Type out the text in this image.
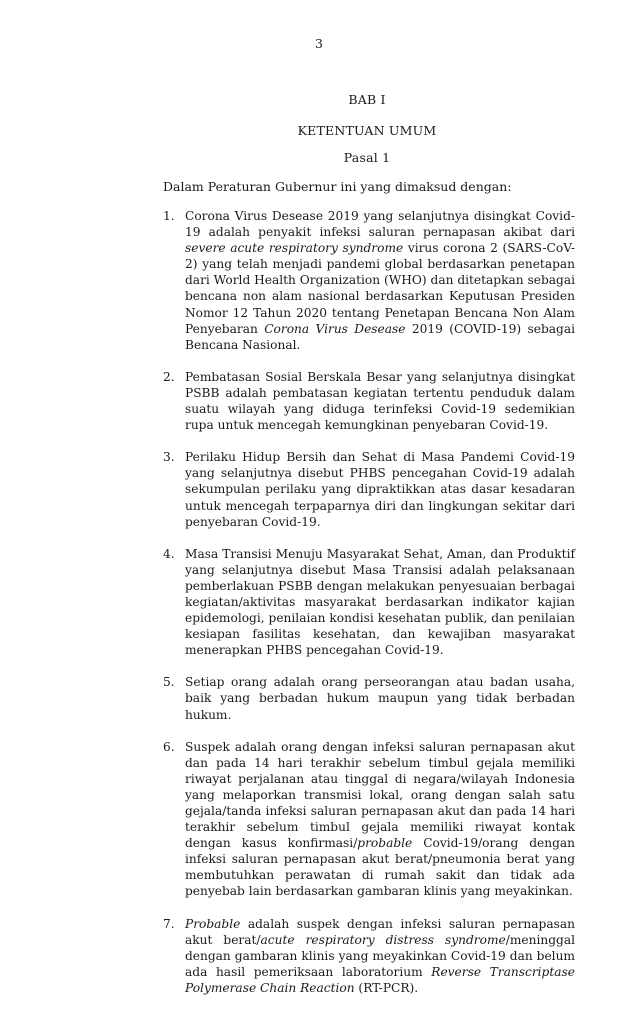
3
BAB I
KETENTUAN UMUM
Pasal 1
Dalam Peraturan Gubernur ini yang dimaksud dengan:
1. Corona Virus Desease 2019 yang selanjutnya disingkat Covid-19 adalah penyakit infeksi saluran pernapasan akibat dari severe acute respiratory syndrome virus corona 2 (SARS-CoV-2) yang telah menjadi pandemi global berdasarkan penetapan dari World Health Organization (WHO) dan ditetapkan sebagai bencana non alam nasional berdasarkan Keputusan Presiden Nomor 12 Tahun 2020 tentang Penetapan Bencana Non Alam Penyebaran Corona Virus Desease 2019 (COVID-19) sebagai Bencana Nasional.
2. Pembatasan Sosial Berskala Besar yang selanjutnya disingkat PSBB adalah pembatasan kegiatan tertentu penduduk dalam suatu wilayah yang diduga terinfeksi Covid-19 sedemikian rupa untuk mencegah kemungkinan penyebaran Covid-19.
3. Perilaku Hidup Bersih dan Sehat di Masa Pandemi Covid-19 yang selanjutnya disebut PHBS pencegahan Covid-19 adalah sekumpulan perilaku yang dipraktikkan atas dasar kesadaran untuk mencegah terpaparnya diri dan lingkungan sekitar dari penyebaran Covid-19.
4. Masa Transisi Menuju Masyarakat Sehat, Aman, dan Produktif yang selanjutnya disebut Masa Transisi adalah pelaksanaan pemberlakuan PSBB dengan melakukan penyesuaian berbagai kegiatan/aktivitas masyarakat berdasarkan indikator kajian epidemologi, penilaian kondisi kesehatan publik, dan penilaian kesiapan fasilitas kesehatan, dan kewajiban masyarakat menerapkan PHBS pencegahan Covid-19.
5. Setiap orang adalah orang perseorangan atau badan usaha, baik yang berbadan hukum maupun yang tidak berbadan hukum.
6. Suspek adalah orang dengan infeksi saluran pernapasan akut dan pada 14 hari terakhir sebelum timbul gejala memiliki riwayat perjalanan atau tinggal di negara/wilayah Indonesia yang melaporkan transmisi lokal, orang dengan salah satu gejala/tanda infeksi saluran pernapasan akut dan pada 14 hari terakhir sebelum timbul gejala memiliki riwayat kontak dengan kasus konfirmasi/probable Covid-19/orang dengan infeksi saluran pernapasan akut berat/pneumonia berat yang membutuhkan perawatan di rumah sakit dan tidak ada penyebab lain berdasarkan gambaran klinis yang meyakinkan.
7. Probable adalah suspek dengan infeksi saluran pernapasan akut berat/acute respiratory distress syndrome/meninggal dengan gambaran klinis yang meyakinkan Covid-19 dan belum ada hasil pemeriksaan laboratorium Reverse Transcriptase Polymerase Chain Reaction (RT-PCR).
